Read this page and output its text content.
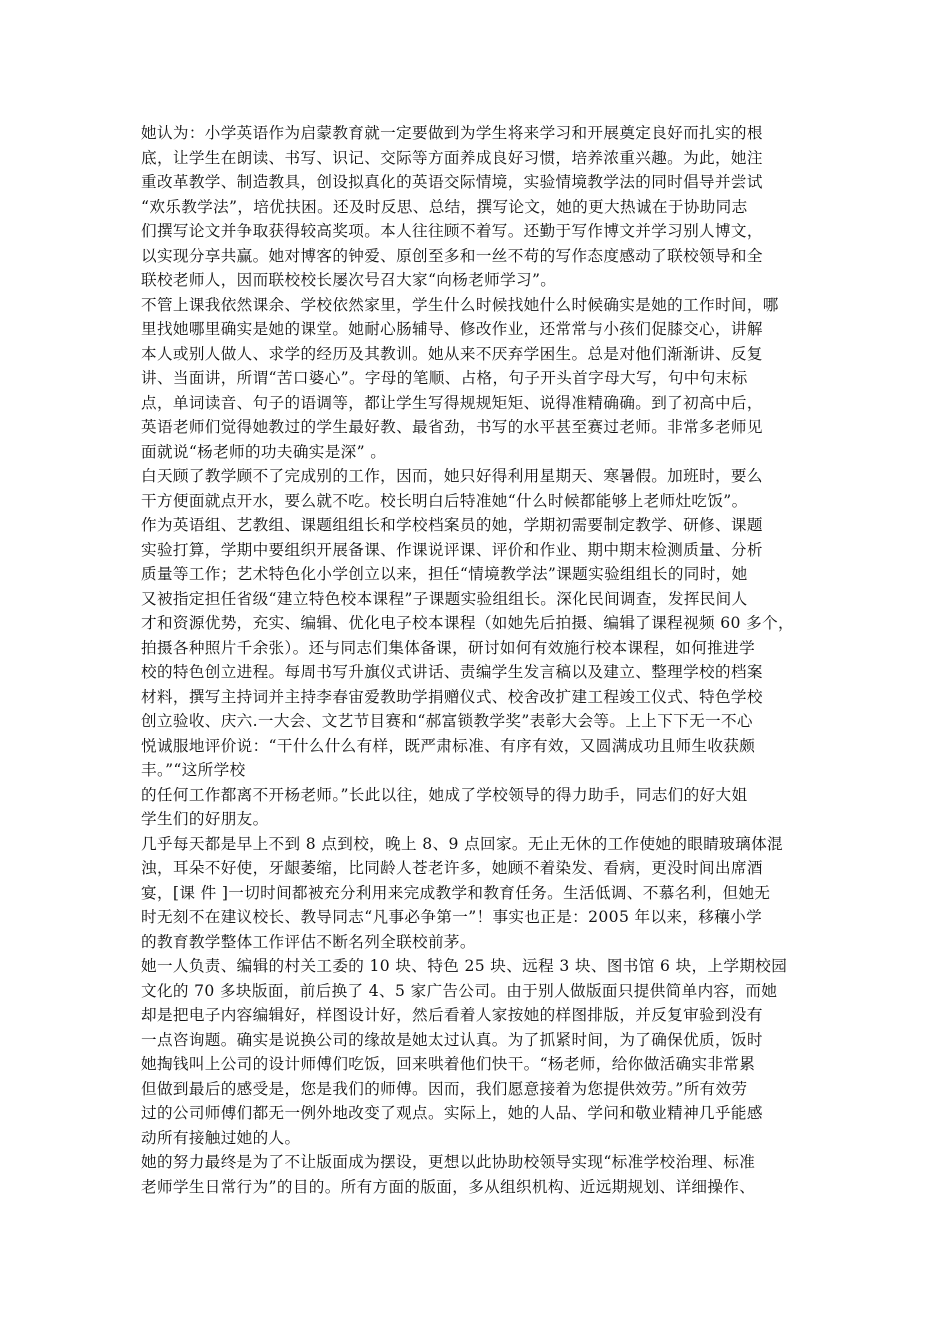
她认为：小学英语作为启蒙教育就一定要做到为学生将来学习和开展奠定良好而扎实的根
底，让学生在朗读、书写、识记、交际等方面养成良好习惯，培养浓重兴趣。为此，她注
重改革教学、制造教具，创设拟真化的英语交际情境，实验情境教学法的同时倡导并尝试
“欢乐教学法”，培优扶困。还及时反思、总结，撰写论文，她的更大热诚在于协助同志
们撰写论文并争取获得较高奖项。本人往往顾不着写。还勤于写作博文并学习别人博文，
以实现分享共赢。她对博客的钟爱、原创至多和一丝不苟的写作态度感动了联校领导和全
联校老师人，因而联校校长屡次号召大家“向杨老师学习”。
不管上课我依然课余、学校依然家里，学生什么时候找她什么时候确实是她的工作时间，哪
里找她哪里确实是她的课堂。她耐心肠辅导、修改作业，还常常与小孩们促膝交心，讲解
本人或别人做人、求学的经历及其教训。她从来不厌弃学困生。总是对他们渐渐讲、反复
讲、当面讲，所谓“苦口婆心”。字母的笔顺、占格，句子开头首字母大写，句中句末标
点，单词读音、句子的语调等，都让学生写得规规矩矩、说得准精确确。到了初高中后，
英语老师们觉得她教过的学生最好教、最省劲，书写的水平甚至赛过老师。非常多老师见
面就说“杨老师的功夫确实是深” 。
白天顾了教学顾不了完成别的工作，因而，她只好得利用星期天、寒暑假。加班时，要么
干方便面就点开水，要么就不吃。校长明白后特准她“什么时候都能够上老师灶吃饭”。
作为英语组、艺教组、课题组组长和学校档案员的她，学期初需要制定教学、研修、课题
实验打算，学期中要组织开展备课、作课说评课、评价和作业、期中期末检测质量、分析
质量等工作；艺术特色化小学创立以来，担任“情境教学法”课题实验组组长的同时，她
又被指定担任省级“建立特色校本课程”子课题实验组组长。深化民间调查，发挥民间人
才和资源优势，充实、编辑、优化电子校本课程（如她先后拍摄、编辑了课程视频 60 多个，
拍摄各种照片千余张）。还与同志们集体备课，研讨如何有效施行校本课程，如何推进学
校的特色创立进程。每周书写升旗仪式讲话、责编学生发言稿以及建立、整理学校的档案
材料，撰写主持词并主持李春宙爱教助学捐赠仪式、校舍改扩建工程竣工仪式、特色学校
创立验收、庆六.一大会、文艺节目赛和“郝富锁教学奖”表彰大会等。上上下下无一不心
悦诚服地评价说：“干什么什么有样，既严肃标准、有序有效，又圆满成功且师生收获颇
丰。”“这所学校
的任何工作都离不开杨老师。”长此以往，她成了学校领导的得力助手，同志们的好大姐
学生们的好朋友。
几乎每天都是早上不到 8 点到校，晚上 8、9 点回家。无止无休的工作使她的眼睛玻璃体混
浊，耳朵不好使，牙龈萎缩，比同龄人苍老许多，她顾不着染发、看病，更没时间出席酒
宴，[课 件 ]一切时间都被充分利用来完成教学和教育任务。生活低调、不慕名利，但她无
时无刻不在建议校长、教导同志“凡事必争第一”！事实也正是：2005 年以来，移穰小学
的教育教学整体工作评估不断名列全联校前茅。
她一人负责、编辑的村关工委的 10 块、特色 25 块、远程 3 块、图书馆 6 块，上学期校园
文化的 70 多块版面，前后换了 4、5 家广告公司。由于别人做版面只提供简单内容，而她
却是把电子内容编辑好，样图设计好，然后看着人家按她的样图排版，并反复审验到没有
一点咨询题。确实是说换公司的缘故是她太过认真。为了抓紧时间，为了确保优质，饭时
她掏钱叫上公司的设计师傅们吃饭，回来哄着他们快干。“杨老师，给你做活确实非常累
但做到最后的感受是，您是我们的师傅。因而，我们愿意接着为您提供效劳。”所有效劳
过的公司师傅们都无一例外地改变了观点。实际上，她的人品、学问和敬业精神几乎能感
动所有接触过她的人。
她的努力最终是为了不让版面成为摆设，更想以此协助校领导实现“标准学校治理、标准
老师学生日常行为”的目的。所有方面的版面，多从组织机构、近远期规划、详细操作、
